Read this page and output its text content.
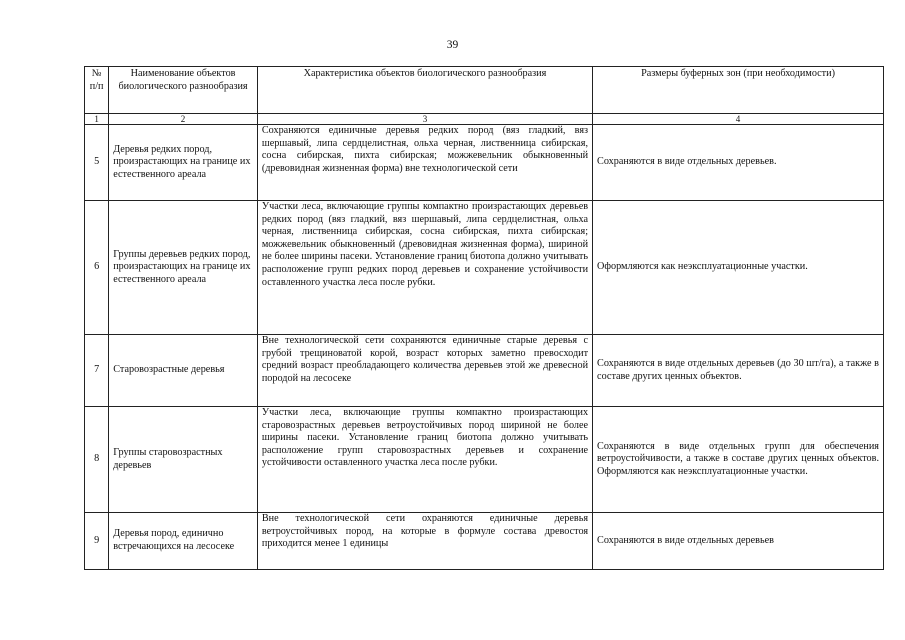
39
№ п/п	Наименование объектов биологического разнообразия	Характеристика объектов биологического разнообразия	Размеры буферных зон (при необходимости)
1	2	3	4
5	Деревья редких пород, произрастающих на границе их естественного ареала	Сохраняются единичные деревья редких пород (вяз гладкий, вяз шершавый, липа сердцелистная, ольха черная, лиственница сибирская, сосна сибирская, пихта сибирская; можжевельник обыкновенный (древовидная жизненная форма) вне технологической сети	Сохраняются в виде отдельных деревьев.
6	Группы деревьев редких пород, произрастающих на границе их естественного ареала	Участки леса, включающие группы компактно произрастающих деревьев редких пород (вяз гладкий, вяз шершавый, липа сердцелистная, ольха черная, лиственница сибирская, сосна сибирская, пихта сибирская; можжевельник обыкновенный (древовидная жизненная форма), шириной не более ширины пасеки. Установление границ биотопа должно учитывать расположение групп редких пород деревьев и сохранение устойчивости оставленного участка леса после рубки.	Оформляются как неэксплуатационные участки.
7	Старовозрастные деревья	Вне технологической сети сохраняются единичные старые деревья с грубой трещиноватой корой, возраст которых заметно превосходит средний возраст преобладающего количества деревьев этой же древесной породой на лесосеке	Сохраняются в виде отдельных деревьев (до 30 шт/га), а также в составе других ценных объектов.
8	Группы старовозрастных деревьев	Участки леса, включающие группы компактно произрастающих старовозрастных деревьев ветроустойчивых пород шириной не более ширины пасеки. Установление границ биотопа должно учитывать расположение групп старовозрастных деревьев и сохранение устойчивости оставленного участка леса после рубки.	Сохраняются в виде отдельных групп для обеспечения ветроустойчивости, а также в составе других ценных объектов. Оформляются как неэксплуатационные участки.
9	Деревья пород, единично встречающихся на лесосеке	Вне технологической сети охраняются единичные деревья ветроустойчивых пород, на которые в формуле состава древостоя приходится менее 1 единицы	Сохраняются в виде отдельных деревьев
